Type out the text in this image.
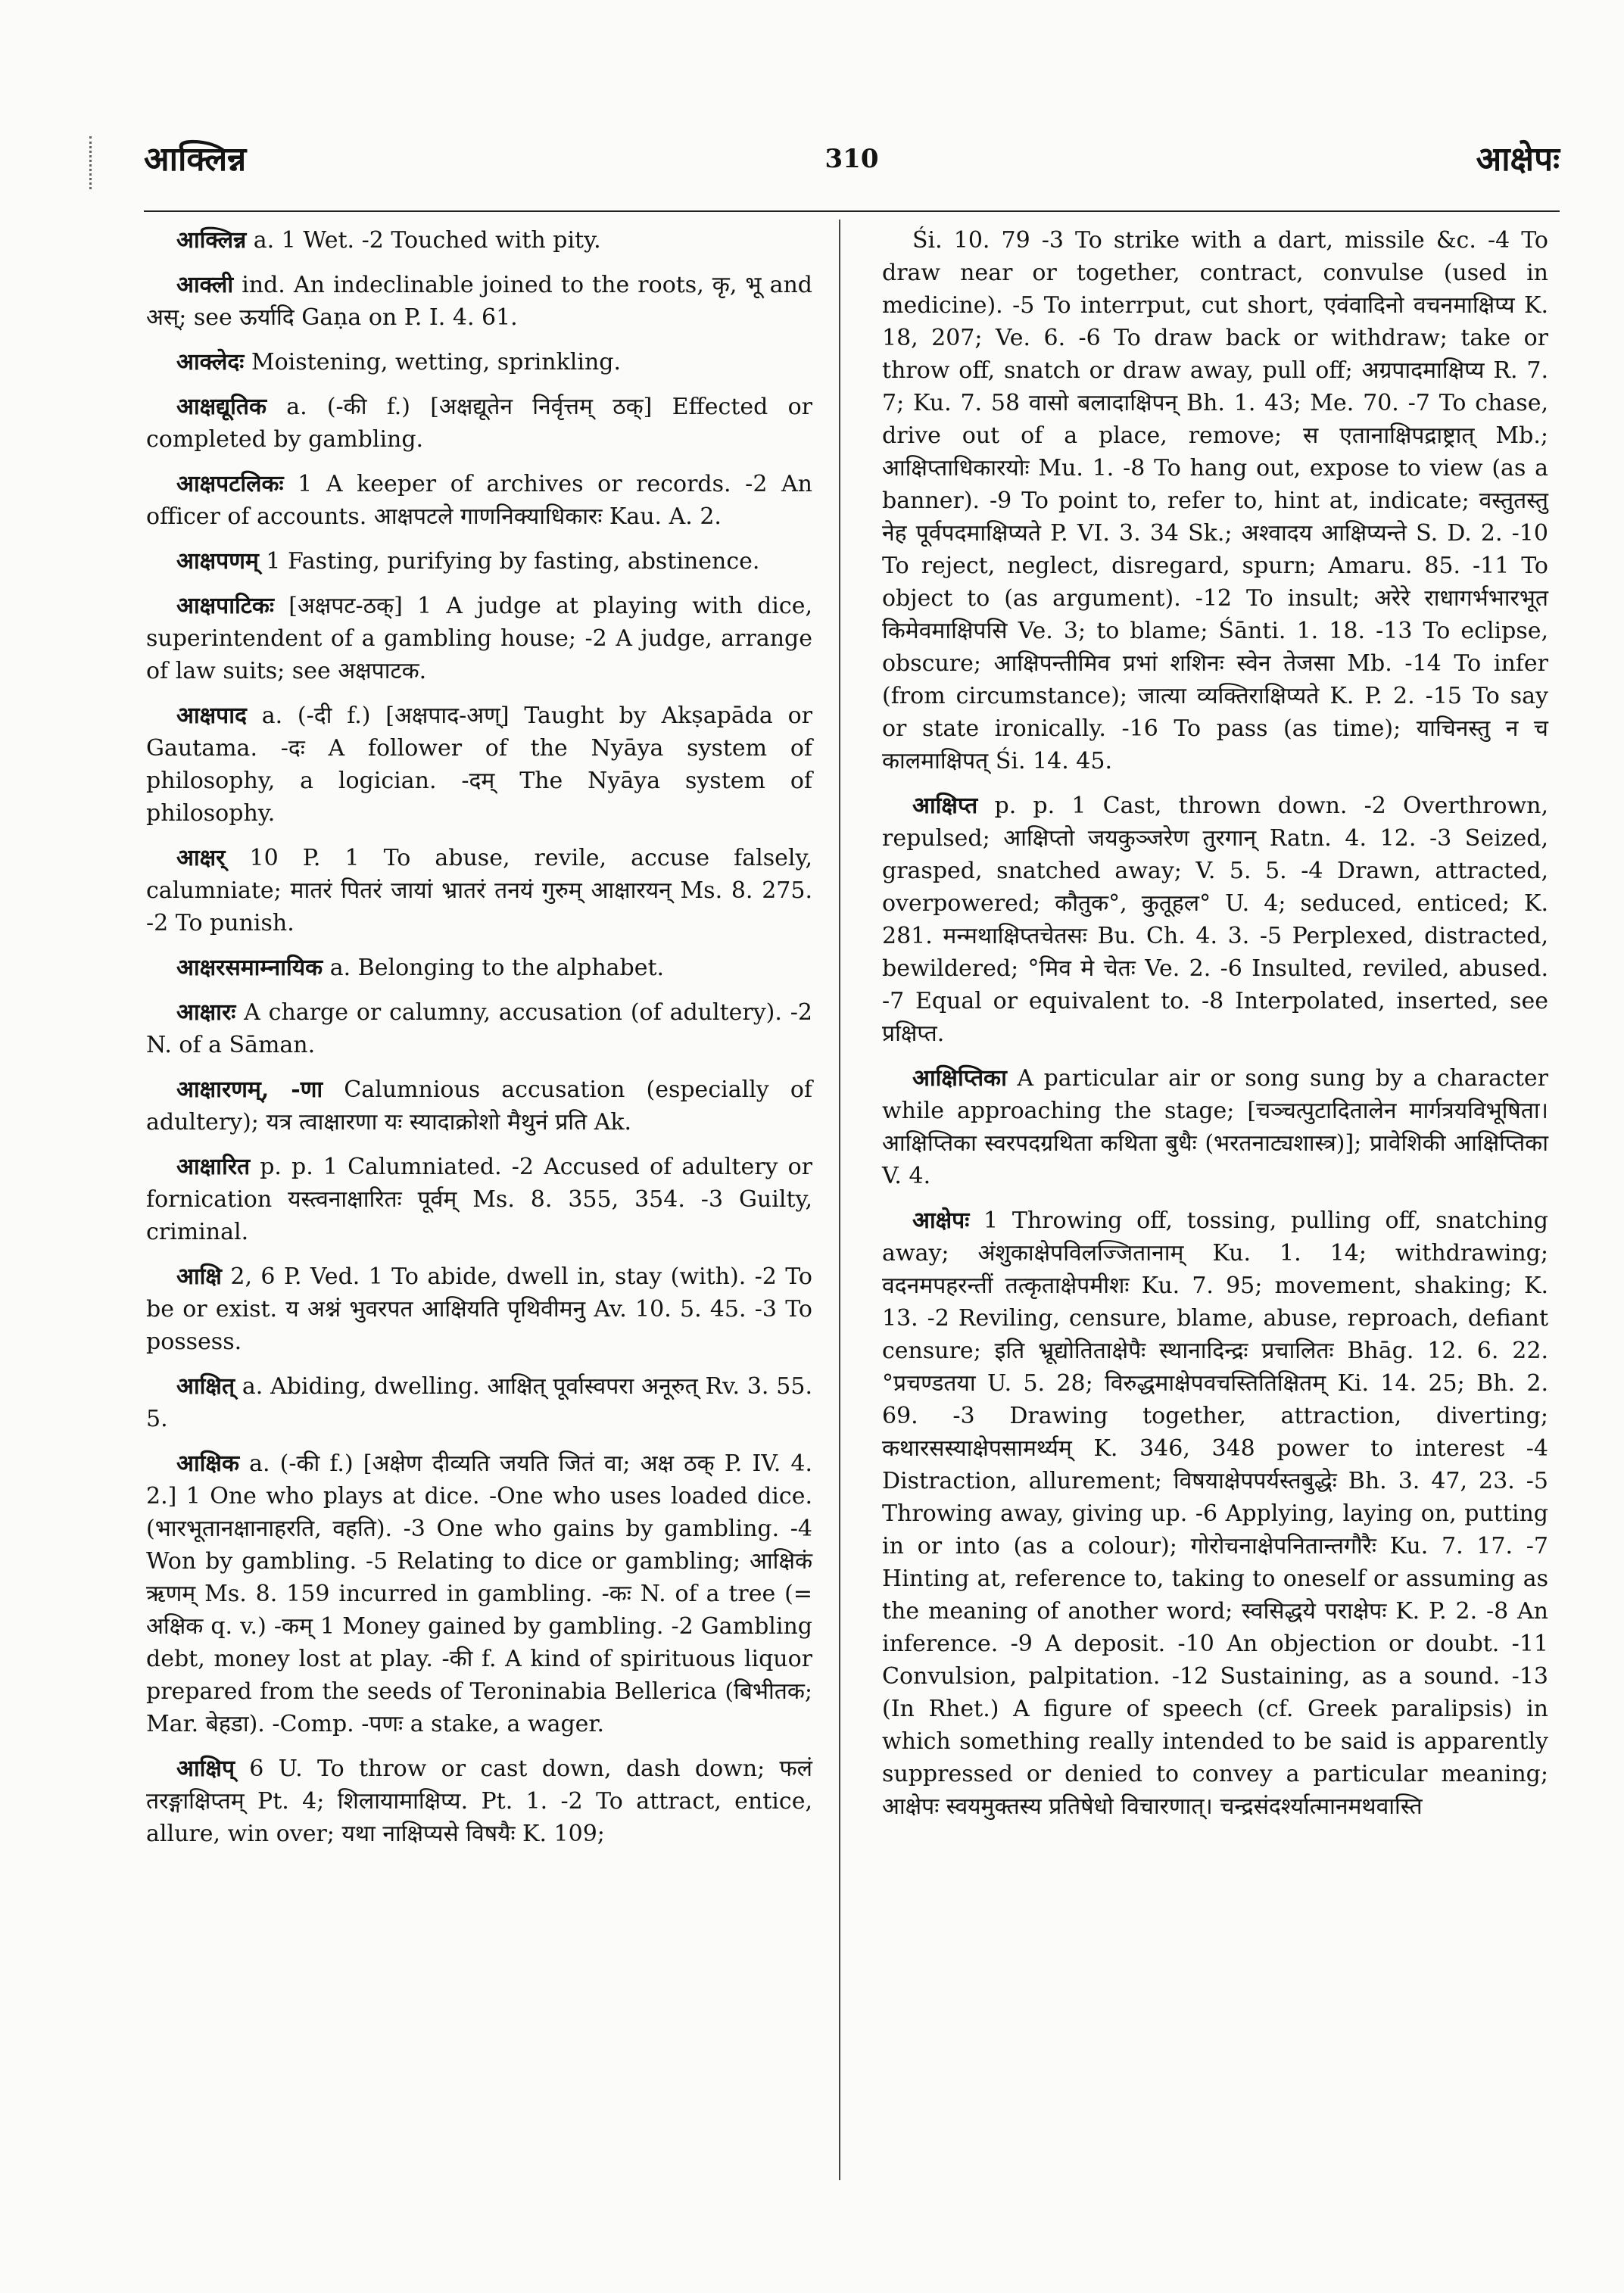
आक्लिन्न	310	आक्षेपः

आक्लिन्न a. 1 Wet. -2 Touched with pity.

आक्ली ind. An indeclinable joined to the roots, कृ, भू and अस्; see ऊर्यादि Gaṇa on P. I. 4. 61.

आक्लेदः Moistening, wetting, sprinkling.

आक्षद्यूतिक a. (-की f.) [अक्षद्यूतेन निर्वृत्तम् ठक्] Effected or completed by gambling.

आक्षपटलिकः 1 A keeper of archives or records. -2 An officer of accounts. आक्षपटले गाणनिक्याधिकारः Kau. A. 2.

आक्षपणम् 1 Fasting, purifying by fasting, abstinence.

आक्षपाटिकः [अक्षपट-ठक्] 1 A judge at playing with dice, superintendent of a gambling house; -2 A judge, arrange of law suits; see अक्षपाटक.

आक्षपाद a. (-दी f.) [अक्षपाद-अण्] Taught by Akṣapāda or Gautama. -दः A follower of the Nyāya system of philosophy, a logician. -दम् The Nyāya system of philosophy.

आक्षर् 10 P. 1 To abuse, revile, accuse falsely, calumniate; मातरं पितरं जायां भ्रातरं तनयं गुरुम् आक्षारयन् Ms. 8. 275. -2 To punish.

आक्षरसमाम्नायिक a. Belonging to the alphabet.

आक्षारः A charge or calumny, accusation (of adultery). -2 N. of a Sāman.

आक्षारणम्, -णा Calumnious accusation (especially of adultery); यत्र त्वाक्षारणा यः स्यादाक्रोशो मैथुनं प्रति Ak.

आक्षारित p. p. 1 Calumniated. -2 Accused of adultery or fornication यस्त्वनाक्षारितः पूर्वम् Ms. 8. 355, 354. -3 Guilty, criminal.

आक्षि 2, 6 P. Ved. 1 To abide, dwell in, stay (with). -2 To be or exist. य अश्नं भुवरपत आक्षियति पृथिवीमनु Av. 10. 5. 45. -3 To possess.

आक्षित् a. Abiding, dwelling. आक्षित् पूर्वास्वपरा अनूरुत् Rv. 3. 55. 5.

आक्षिक a. (-की f.) [अक्षेण दीव्यति जयति जितं वा; अक्ष ठक् P. IV. 4. 2.] 1 One who plays at dice. -One who uses loaded dice. (भारभूतानक्षानाहरति, वहति). -3 One who gains by gambling. -4 Won by gambling. -5 Relating to dice or gambling; आक्षिकं ऋणम् Ms. 8. 159 incurred in gambling. -कः N. of a tree (= अक्षिक q. v.) -कम् 1 Money gained by gambling. -2 Gambling debt, money lost at play. -की f. A kind of spirituous liquor prepared from the seeds of Teroninabia Bellerica (बिभीतक; Mar. बेहडा). -Comp. -पणः a stake, a wager.

आक्षिप् 6 U. To throw or cast down, dash down; फलं तरङ्गाक्षिप्तम् Pt. 4; शिलायामाक्षिप्य. Pt. 1. -2 To attract, entice, allure, win over; यथा नाक्षिप्यसे विषयैः K. 109;

Śi. 10. 79 -3 To strike with a dart, missile &c. -4 To draw near or together, contract, convulse (used in medicine). -5 To interrput, cut short, एवंवादिनो वचनमाक्षिप्य K. 18, 207; Ve. 6. -6 To draw back or withdraw; take or throw off, snatch or draw away, pull off; अग्रपादमाक्षिप्य R. 7. 7; Ku. 7. 58 वासो बलादाक्षिपन् Bh. 1. 43; Me. 70. -7 To chase, drive out of a place, remove; स एतानाक्षिपद्राष्ट्रात् Mb.; आक्षिप्ताधिकारयोः Mu. 1. -8 To hang out, expose to view (as a banner). -9 To point to, refer to, hint at, indicate; वस्तुतस्तु नेह पूर्वपदमाक्षिप्यते P. VI. 3. 34 Sk.; अश्वादय आक्षिप्यन्ते S. D. 2. -10 To reject, neglect, disregard, spurn; Amaru. 85. -11 To object to (as argument). -12 To insult; अरेरे राधागर्भभारभूत किमेवमाक्षिपसि Ve. 3; to blame; Śānti. 1. 18. -13 To eclipse, obscure; आक्षिपन्तीमिव प्रभां शशिनः स्वेन तेजसा Mb. -14 To infer (from circumstance); जात्या व्यक्तिराक्षिप्यते K. P. 2. -15 To say or state ironically. -16 To pass (as time); याचिनस्तु न च कालमाक्षिपत् Śi. 14. 45.

आक्षिप्त p. p. 1 Cast, thrown down. -2 Overthrown, repulsed; आक्षिप्तो जयकुञ्जरेण तुरगान् Ratn. 4. 12. -3 Seized, grasped, snatched away; V. 5. 5. -4 Drawn, attracted, overpowered; कौतुक°, कुतूहल° U. 4; seduced, enticed; K. 281. मन्मथाक्षिप्तचेतसः Bu. Ch. 4. 3. -5 Perplexed, distracted, bewildered; °मिव मे चेतः Ve. 2. -6 Insulted, reviled, abused. -7 Equal or equivalent to. -8 Interpolated, inserted, see प्रक्षिप्त.

आक्षिप्तिका A particular air or song sung by a character while approaching the stage; [चञ्चत्पुटादितालेन मार्गत्रयविभूषिता। आक्षिप्तिका स्वरपदग्रथिता कथिता बुधैः (भरतनाट्यशास्त्र)]; प्रावेशिकी आक्षिप्तिका V. 4.

आक्षेपः 1 Throwing off, tossing, pulling off, snatching away; अंशुकाक्षेपविलज्जितानाम् Ku. 1. 14; withdrawing; वदनमपहरन्तीं तत्कृताक्षेपमीशः Ku. 7. 95; movement, shaking; K. 13. -2 Reviling, censure, blame, abuse, reproach, defiant censure; इति भ्रूद्योतिताक्षेपैः स्थानादिन्द्रः प्रचालितः Bhāg. 12. 6. 22. °प्रचण्डतया U. 5. 28; विरुद्धमाक्षेपवचस्तितिक्षितम् Ki. 14. 25; Bh. 2. 69. -3 Drawing together, attraction, diverting; कथारसस्याक्षेपसामर्थ्यम् K. 346, 348 power to interest -4 Distraction, allurement; विषयाक्षेपपर्यस्तबुद्धेः Bh. 3. 47, 23. -5 Throwing away, giving up. -6 Applying, laying on, putting in or into (as a colour); गोरोचनाक्षेपनितान्तगौरैः Ku. 7. 17. -7 Hinting at, reference to, taking to oneself or assuming as the meaning of another word; स्वसिद्धये पराक्षेपः K. P. 2. -8 An inference. -9 A deposit. -10 An objection or doubt. -11 Convulsion, palpitation. -12 Sustaining, as a sound. -13 (In Rhet.) A figure of speech (cf. Greek paralipsis) in which something really intended to be said is apparently suppressed or denied to convey a particular meaning; आक्षेपः स्वयमुक्तस्य प्रतिषेधो विचारणात्। चन्द्रसंदर्श्यात्मानमथवास्ति
